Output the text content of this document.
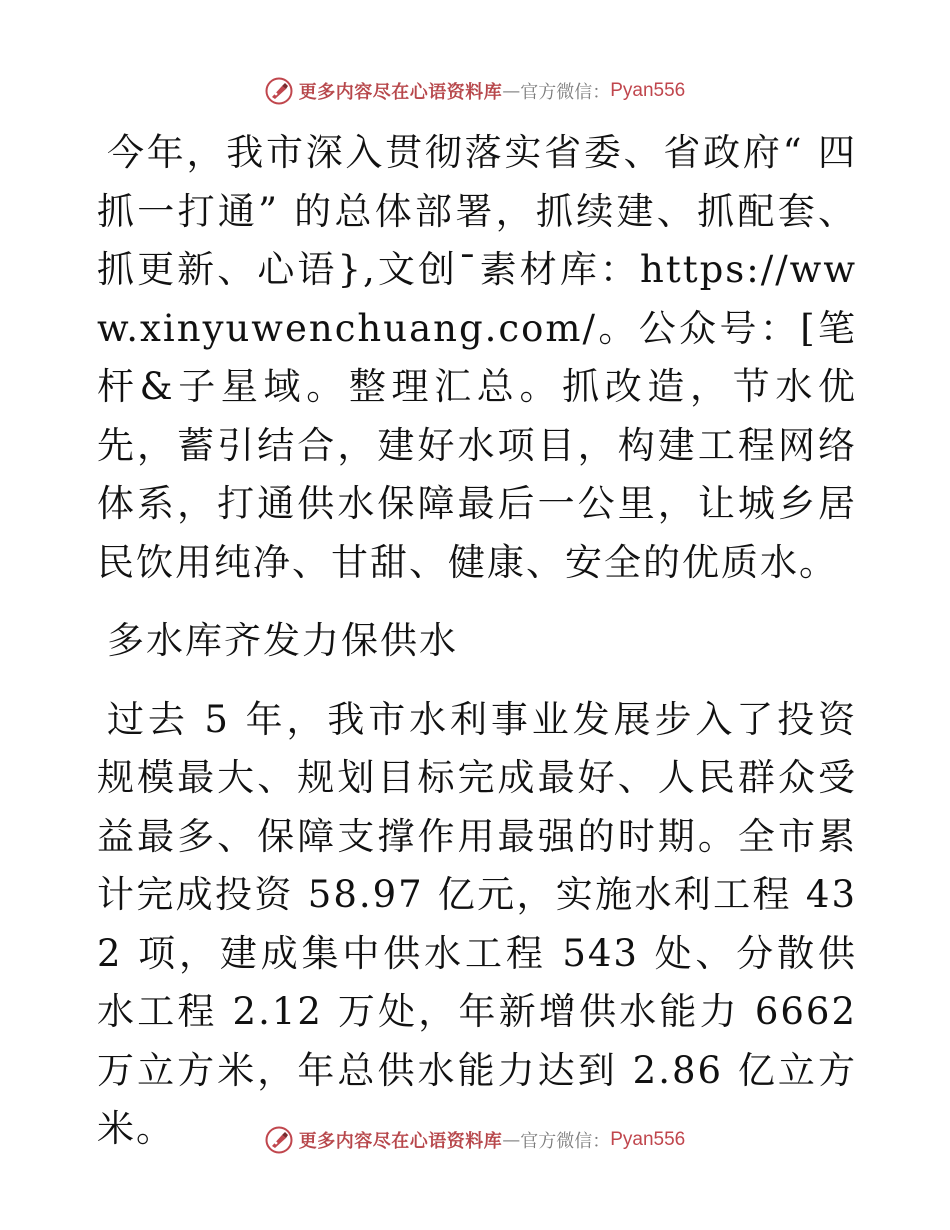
更多内容尽在心语资料库 — 官方微信： Pyan556

今年，我市深入贯彻落实省委、省政府“ 四抓一打通” 的总体部署，抓续建、抓配套、抓更新、心语},文创¯素材库：https://www.xinyuwenchuang.com/。公众号：[笔杆&子星域。整理汇总。抓改造，节水优先，蓄引结合，建好水项目，构建工程网络体系，打通供水保障最后一公里，让城乡居民饮用纯净、甘甜、健康、安全的优质水。

多水库齐发力保供水

过去 5 年，我市水利事业发展步入了投资规模最大、规划目标完成最好、人民群众受益最多、保障支撑作用最强的时期。全市累计完成投资 58.97 亿元，实施水利工程 432 项，建成集中供水工程 543 处、分散供水工程 2.12 万处，年新增供水能力 6662 万立方米，年总供水能力达到 2.86 亿立方米。	更多内容尽在心语资料库 — 官方微信： Pyan556
